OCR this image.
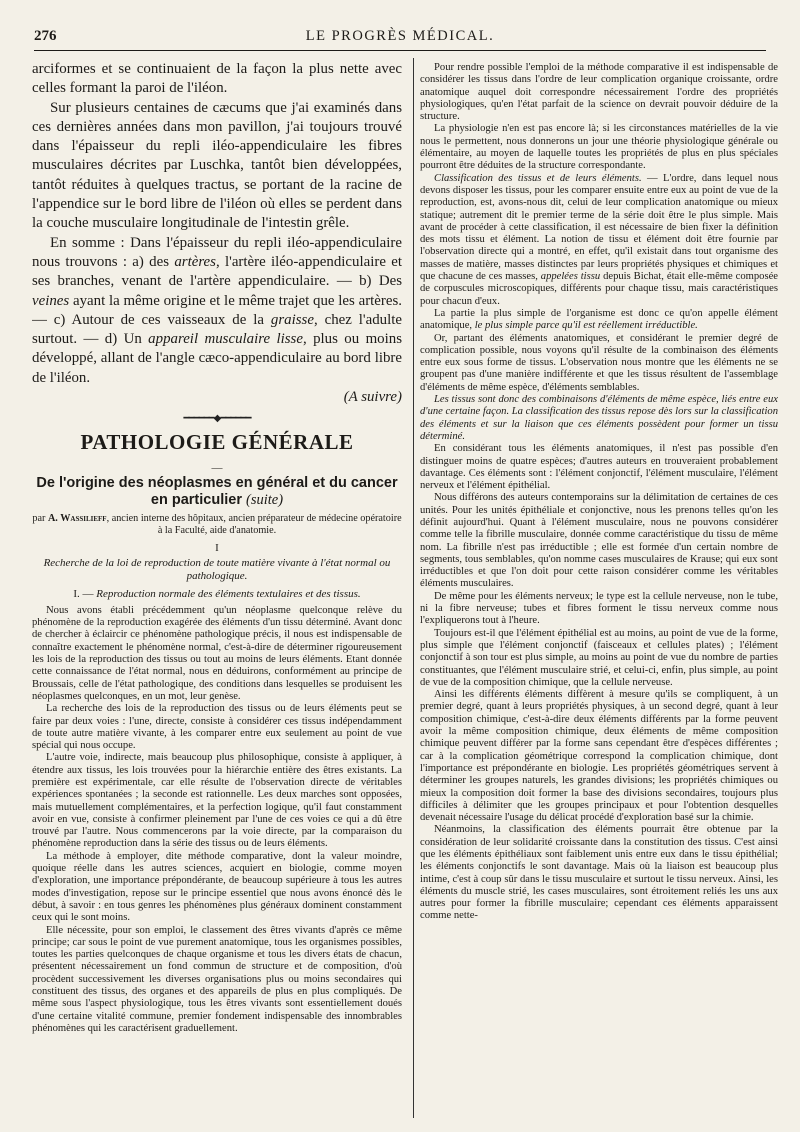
276	LE PROGRÈS MÉDICAL.

arciformes et se continuaient de la façon la plus nette avec celles formant la paroi de l'iléon.

Sur plusieurs centaines de cæcums que j'ai examinés dans ces dernières années dans mon pavillon, j'ai toujours trouvé dans l'épaisseur du repli iléo-appendiculaire les fibres musculaires décrites par Luschka, tantôt bien développées, tantôt réduites à quelques tractus, se portant de la racine de l'appendice sur le bord libre de l'iléon où elles se perdent dans la couche musculaire longitudinale de l'intestin grêle.

En somme : Dans l'épaisseur du repli iléo-appendiculaire nous trouvons : a) des artères, l'artère iléo-appendiculaire et ses branches, venant de l'artère appendiculaire. — b) Des veines ayant la même origine et le même trajet que les artères. — c) Autour de ces vaisseaux de la graisse, chez l'adulte surtout. — d) Un appareil musculaire lisse, plus ou moins développé, allant de l'angle cæco-appendiculaire au bord libre de l'iléon.

(A suivre)

━━━━━━◆━━━━━━
PATHOLOGIE GÉNÉRALE
—
De l'origine des néoplasmes en général et du cancer en particulier (suite)
par A. Wassilieff, ancien interne des hôpitaux, ancien préparateur de médecine opératoire à la Faculté, aide d'anatomie.
I
Recherche de la loi de reproduction de toute matière vivante à l'état normal ou pathologique.
I. — Reproduction normale des éléments textulaires et des tissus.

Nous avons établi précédemment qu'un néoplasme quelconque relève du phénomène de la reproduction exagérée des éléments d'un tissu déterminé. Avant donc de chercher à éclaircir ce phénomène pathologique précis, il nous est indispensable de connaître exactement le phénomène normal, c'est-à-dire de déterminer rigoureusement les lois de la reproduction des tissus ou tout au moins de leurs éléments. Etant donnée cette connaissance de l'état normal, nous en déduirons, conformément au principe de Broussais, celle de l'état pathologique, des conditions dans lesquelles se produisent les néoplasmes quelconques, en un mot, leur genèse.

La recherche des lois de la reproduction des tissus ou de leurs éléments peut se faire par deux voies : l'une, directe, consiste à considérer ces tissus indépendamment de toute autre matière vivante, à les comparer entre eux seulement au point de vue spécial qui nous occupe.

L'autre voie, indirecte, mais beaucoup plus philosophique, consiste à appliquer, à étendre aux tissus, les lois trouvées pour la hiérarchie entière des êtres existants. La première est expérimentale, car elle résulte de l'observation directe de véritables expériences spontanées ; la seconde est rationnelle. Les deux marches sont opposées, mais mutuellement complémentaires, et la perfection logique, qu'il faut constamment avoir en vue, consiste à confirmer pleinement par l'une de ces voies ce qui a dû être trouvé par l'autre. Nous commencerons par la voie directe, par la comparaison du phénomène reproduction dans la série des tissus ou de leurs éléments.

La méthode à employer, dite méthode comparative, dont la valeur moindre, quoique réelle dans les autres sciences, acquiert en biologie, comme moyen d'exploration, une importance prépondérante, de beaucoup supérieure à tous les autres modes d'investigation, repose sur le principe essentiel que nous avons énoncé dès le début, à savoir : en tous genres les phénomènes plus généraux dominent constamment ceux qui le sont moins.

Elle nécessite, pour son emploi, le classement des êtres vivants d'après ce même principe; car sous le point de vue purement anatomique, tous les organismes possibles, toutes les parties quelconques de chaque organisme et tous les divers états de chacun, présentent nécessairement un fond commun de structure et de composition, d'où procèdent successivement les diverses organisations plus ou moins secondaires qui constituent des tissus, des organes et des appareils de plus en plus compliqués. De même sous l'aspect physiologique, tous les êtres vivants sont essentiellement doués d'une certaine vitalité commune, premier fondement indispensable des innombrables phénomènes qui les caractérisent graduellement.

Pour rendre possible l'emploi de la méthode comparative il est indispensable de considérer les tissus dans l'ordre de leur complication organique croissante, ordre anatomique auquel doit correspondre nécessairement l'ordre des propriétés physiologiques, qu'en l'état parfait de la science on devrait pouvoir déduire de la structure.

La physiologie n'en est pas encore là; si les circonstances matérielles de la vie nous le permettent, nous donnerons un jour une théorie physiologique générale ou élémentaire, au moyen de laquelle toutes les propriétés de plus en plus spéciales pourront être déduites de la structure correspondante.

Classification des tissus et de leurs éléments. — L'ordre, dans lequel nous devons disposer les tissus, pour les comparer ensuite entre eux au point de vue de la reproduction, est, avons-nous dit, celui de leur complication anatomique ou mieux statique; autrement dit le premier terme de la série doit être le plus simple. Mais avant de procéder à cette classification, il est nécessaire de bien fixer la définition des mots tissu et élément. La notion de tissu et élément doit être fournie par l'observation directe qui a montré, en effet, qu'il existait dans tout organisme des masses de matière, masses distinctes par leurs propriétés physiques et chimiques et que chacune de ces masses, appelées tissu depuis Bichat, était elle-même composée de corpuscules microscopiques, différents pour chaque tissu, mais caractéristiques pour chacun d'eux.

La partie la plus simple de l'organisme est donc ce qu'on appelle élément anatomique, le plus simple parce qu'il est réellement irréductible.

Or, partant des éléments anatomiques, et considérant le premier degré de complication possible, nous voyons qu'il résulte de la combinaison des éléments entre eux sous forme de tissus. L'observation nous montre que les éléments ne se groupent pas d'une manière indifférente et que les tissus résultent de l'assemblage d'éléments de même espèce, d'éléments semblables.

Les tissus sont donc des combinaisons d'éléments de même espèce, liés entre eux d'une certaine façon. La classification des tissus repose dès lors sur la classification des éléments et sur la liaison que ces éléments possèdent pour former un tissu déterminé.

En considérant tous les éléments anatomiques, il n'est pas possible d'en distinguer moins de quatre espèces; d'autres auteurs en trouveraient probablement davantage. Ces éléments sont : l'élément conjonctif, l'élément musculaire, l'élément nerveux et l'élément épithélial.

Nous différons des auteurs contemporains sur la délimitation de certaines de ces unités. Pour les unités épithéliale et conjonctive, nous les prenons telles qu'on les définit aujourd'hui. Quant à l'élément musculaire, nous ne pouvons considérer comme telle la fibrille musculaire, donnée comme caractéristique du tissu de même nom. La fibrille n'est pas irréductible ; elle est formée d'un certain nombre de segments, tous semblables, qu'on nomme cases musculaires de Krause; qui eux sont irréductibles et que l'on doit pour cette raison considérer comme les véritables éléments musculaires.

De même pour les éléments nerveux; le type est la cellule nerveuse, non le tube, ni la fibre nerveuse; tubes et fibres forment le tissu nerveux comme nous l'expliquerons tout à l'heure.

Toujours est-il que l'élément épithélial est au moins, au point de vue de la forme, plus simple que l'élément conjonctif (faisceaux et cellules plates) ; l'élément conjonctif à son tour est plus simple, au moins au point de vue du nombre de parties constituantes, que l'élément musculaire strié, et celui-ci, enfin, plus simple, au point de vue de la composition chimique, que la cellule nerveuse.

Ainsi les différents éléments diffèrent à mesure qu'ils se compliquent, à un premier degré, quant à leurs propriétés physiques, à un second degré, quant à leur composition chimique, c'est-à-dire deux éléments différents par la forme peuvent avoir la même composition chimique, deux éléments de même composition chimique peuvent différer par la forme sans cependant être d'espèces différentes ; car à la complication géométrique correspond la complication chimique, dont l'importance est prépondérante en biologie. Les propriétés géométriques servent à déterminer les groupes naturels, les grandes divisions; les propriétés chimiques ou mieux la composition doit former la base des divisions secondaires, toujours plus difficiles à délimiter que les groupes principaux et pour l'obtention desquelles devenait nécessaire l'usage du délicat procédé d'exploration basé sur la chimie.

Néanmoins, la classification des éléments pourrait être obtenue par la considération de leur solidarité croissante dans la constitution des tissus. C'est ainsi que les éléments épithéliaux sont faiblement unis entre eux dans le tissu épithélial; les éléments conjonctifs le sont davantage. Mais où la liaison est beaucoup plus intime, c'est à coup sûr dans le tissu musculaire et surtout le tissu nerveux. Ainsi, les éléments du muscle strié, les cases musculaires, sont étroitement reliés les uns aux autres pour former la fibrille musculaire; cependant ces éléments apparaissent comme nette-
